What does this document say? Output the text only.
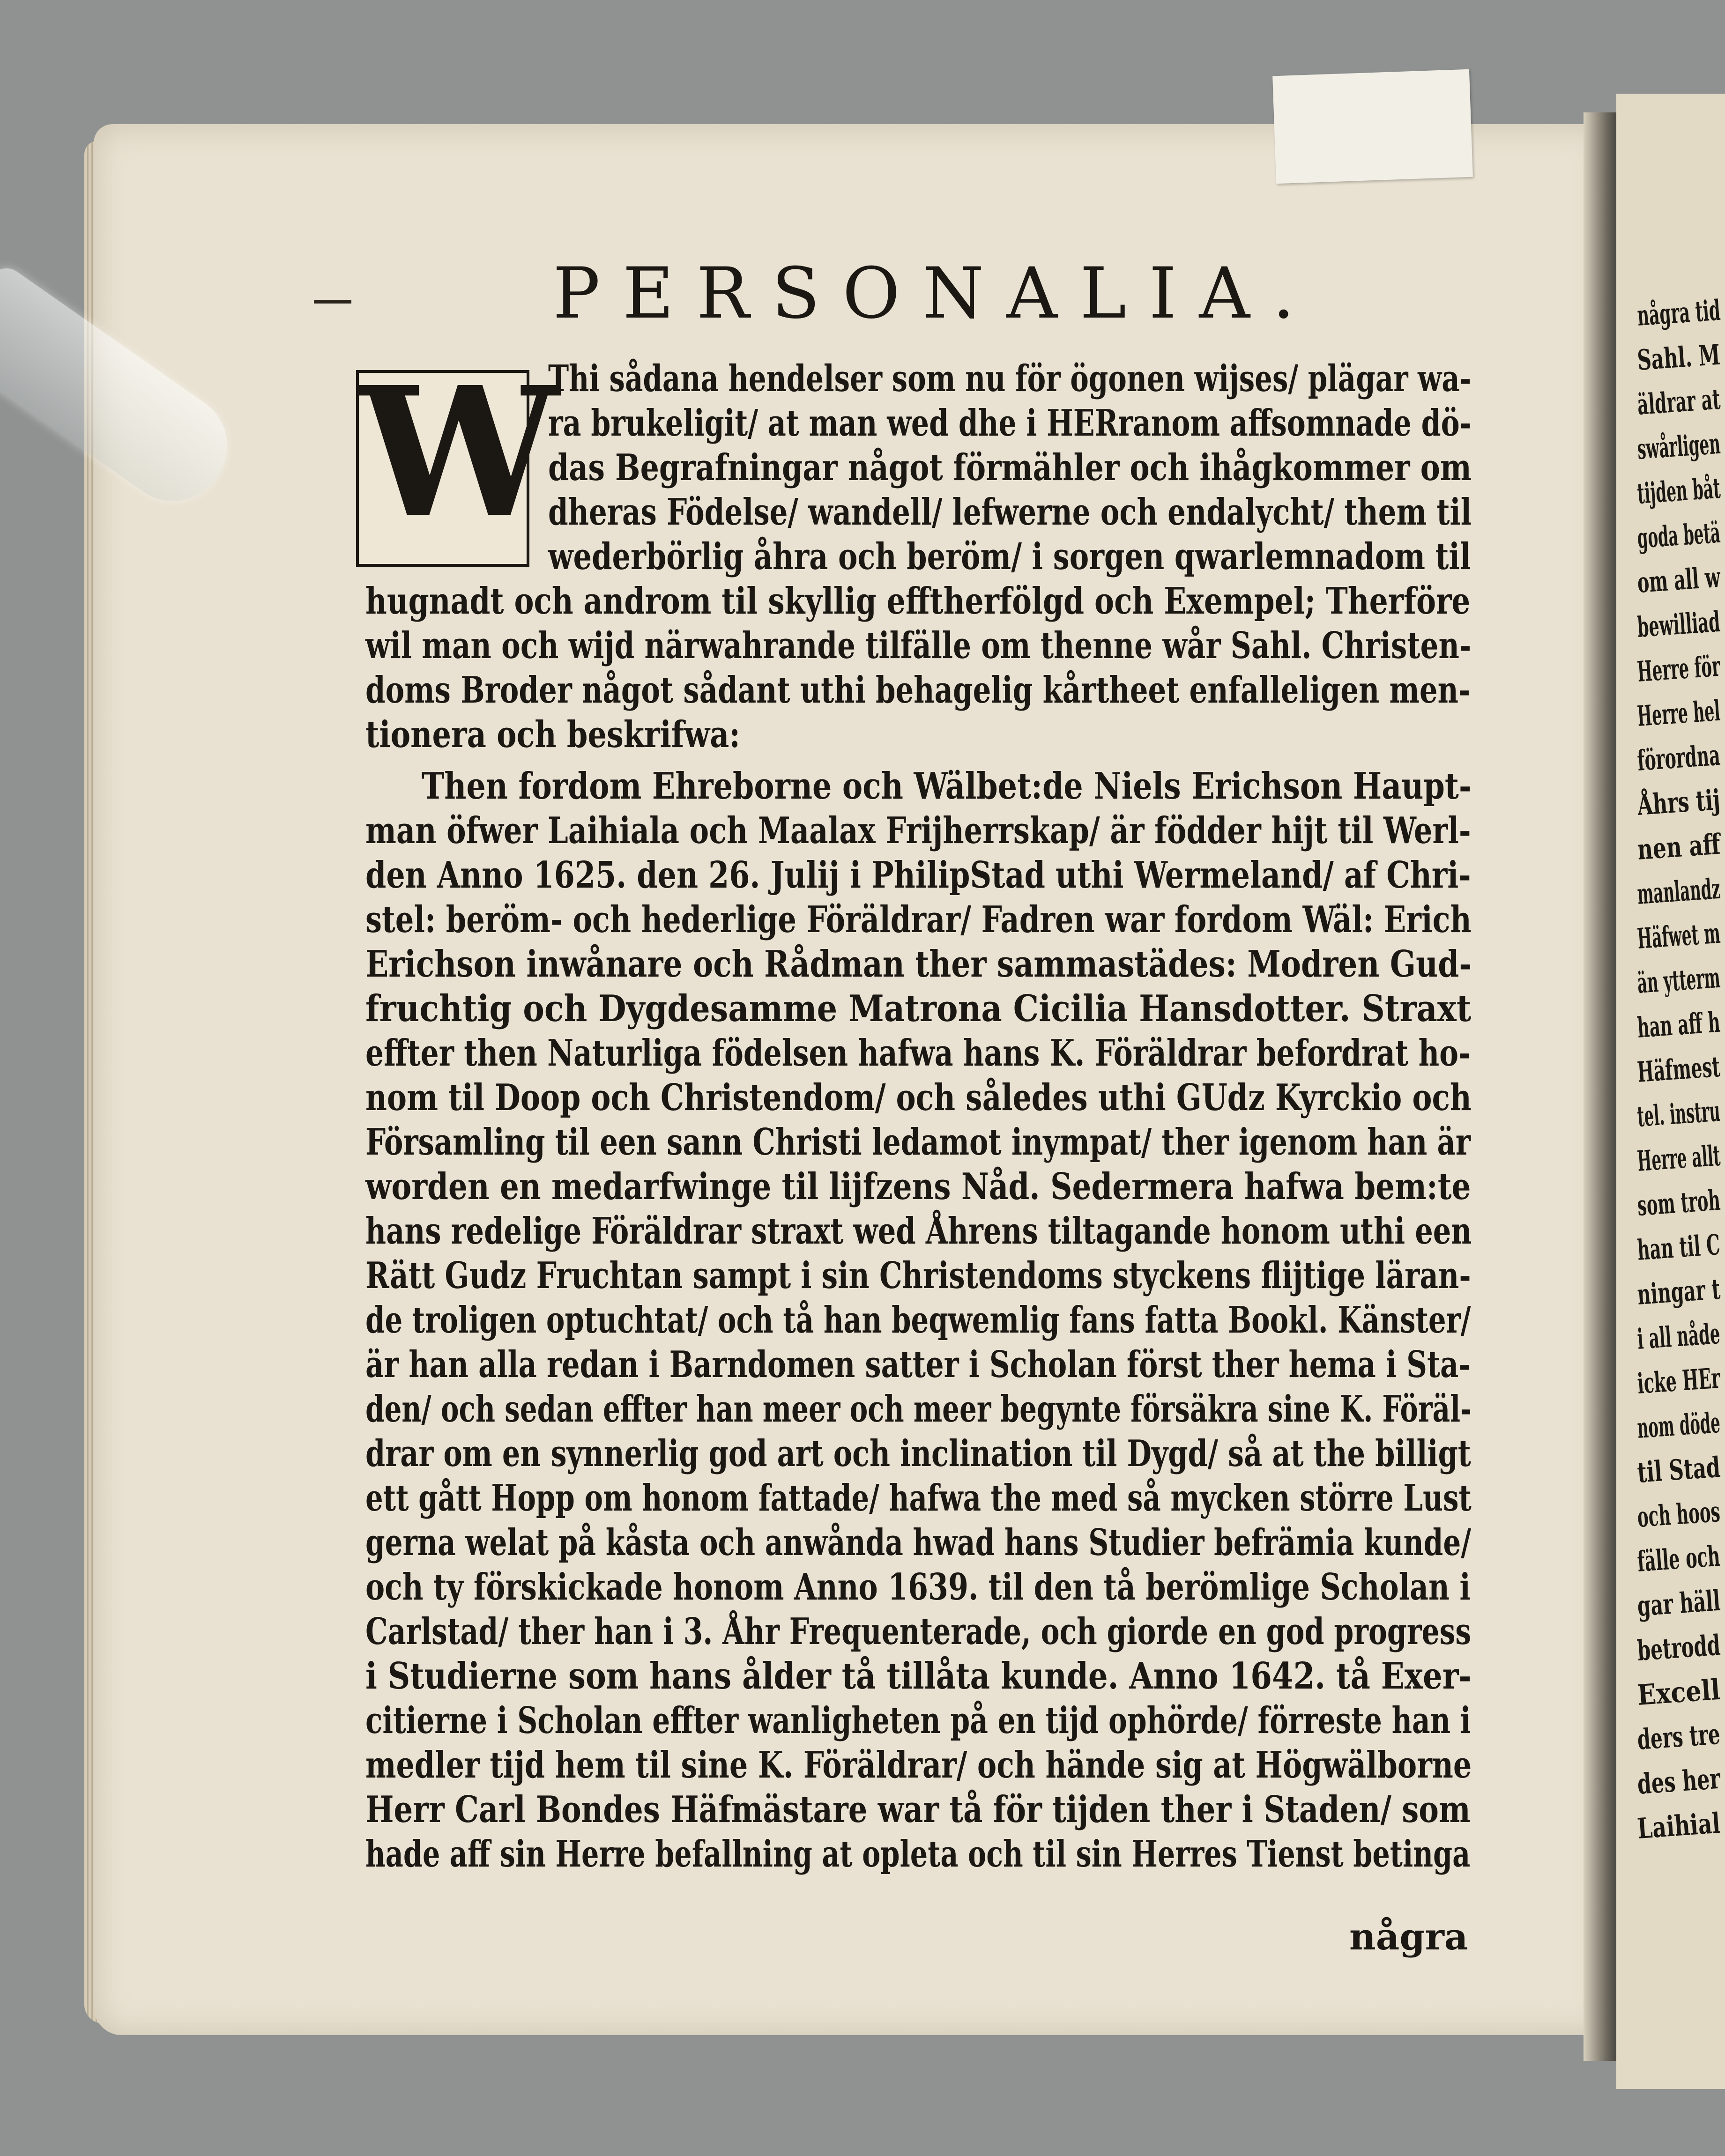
PERSONALIA.
W
Thi sådana hendelser som nu för ögonen wijses/ plägar wa-
ra brukeligit/ at man wed dhe i HERranom affsomnade dö-
das Begrafningar något förmähler och ihågkommer om
dheras Födelse/ wandell/ lefwerne och endalycht/ them til
wederbörlig åhra och beröm/ i sorgen qwarlemnadom til
hugnadt och androm til skyllig efftherfölgd och Exempel; Therföre
wil man och wijd närwahrande tilfälle om thenne wår Sahl. Christen-
doms Broder något sådant uthi behagelig kårtheet enfalleligen men-
tionera och beskrifwa:
Then fordom Ehreborne och Wälbet:de Niels Erichson Haupt-
man öfwer Laihiala och Maalax Frijherrskap/ är födder hijt til Werl-
den Anno 1625. den 26. Julij i PhilipStad uthi Wermeland/ af Chri-
stel: beröm- och hederlige Föräldrar/ Fadren war fordom Wäl: Erich
Erichson inwånare och Rådman ther sammastädes: Modren Gud-
fruchtig och Dygdesamme Matrona Cicilia Hansdotter. Straxt
effter then Naturliga födelsen hafwa hans K. Föräldrar befordrat ho-
nom til Doop och Christendom/ och således uthi GUdz Kyrckio och
Församling til een sann Christi ledamot inympat/ ther igenom han är
worden en medarfwinge til lijfzens Nåd. Sedermera hafwa bem:te
hans redelige Föräldrar straxt wed Åhrens tiltagande honom uthi een
Rätt Gudz Fruchtan sampt i sin Christendoms styckens flijtige läran-
de troligen optuchtat/ och tå han beqwemlig fans fatta Bookl. Känster/
är han alla redan i Barndomen satter i Scholan först ther hema i Sta-
den/ och sedan effter han meer och meer begynte försäkra sine K. Föräl-
drar om en synnerlig god art och inclination til Dygd/ så at the billigt
ett gått Hopp om honom fattade/ hafwa the med så mycken större Lust
gerna welat på kåsta och anwånda hwad hans Studier befrämia kunde/
och ty förskickade honom Anno 1639. til den tå berömlige Scholan i
Carlstad/ ther han i 3. Åhr Frequenterade, och giorde en god progress
i Studierne som hans ålder tå tillåta kunde. Anno 1642. tå Exer-
citierne i Scholan effter wanligheten på en tijd ophörde/ förreste han i
medler tijd hem til sine K. Föräldrar/ och hände sig at Högwälborne
Herr Carl Bondes Häfmästare war tå för tijden ther i Staden/ som
hade aff sin Herre befallning at opleta och til sin Herres Tienst betinga
några
några tid
Sahl. M
äldrar at
swårligen
tijden båt
goda betä
om all w
bewilliad
Herre för
Herre hel
förordna
Åhrs tij
nen aff
manlandz
Häfwet m
än ytterm
han aff h
Häfmest
tel. instru
Herre allt
som troh
han til C
ningar t
i all nåde
icke HEr
nom döde
til Stad
och hoos
fälle och
gar häll
betrodd
Excell
ders tre
des her
Laihial
